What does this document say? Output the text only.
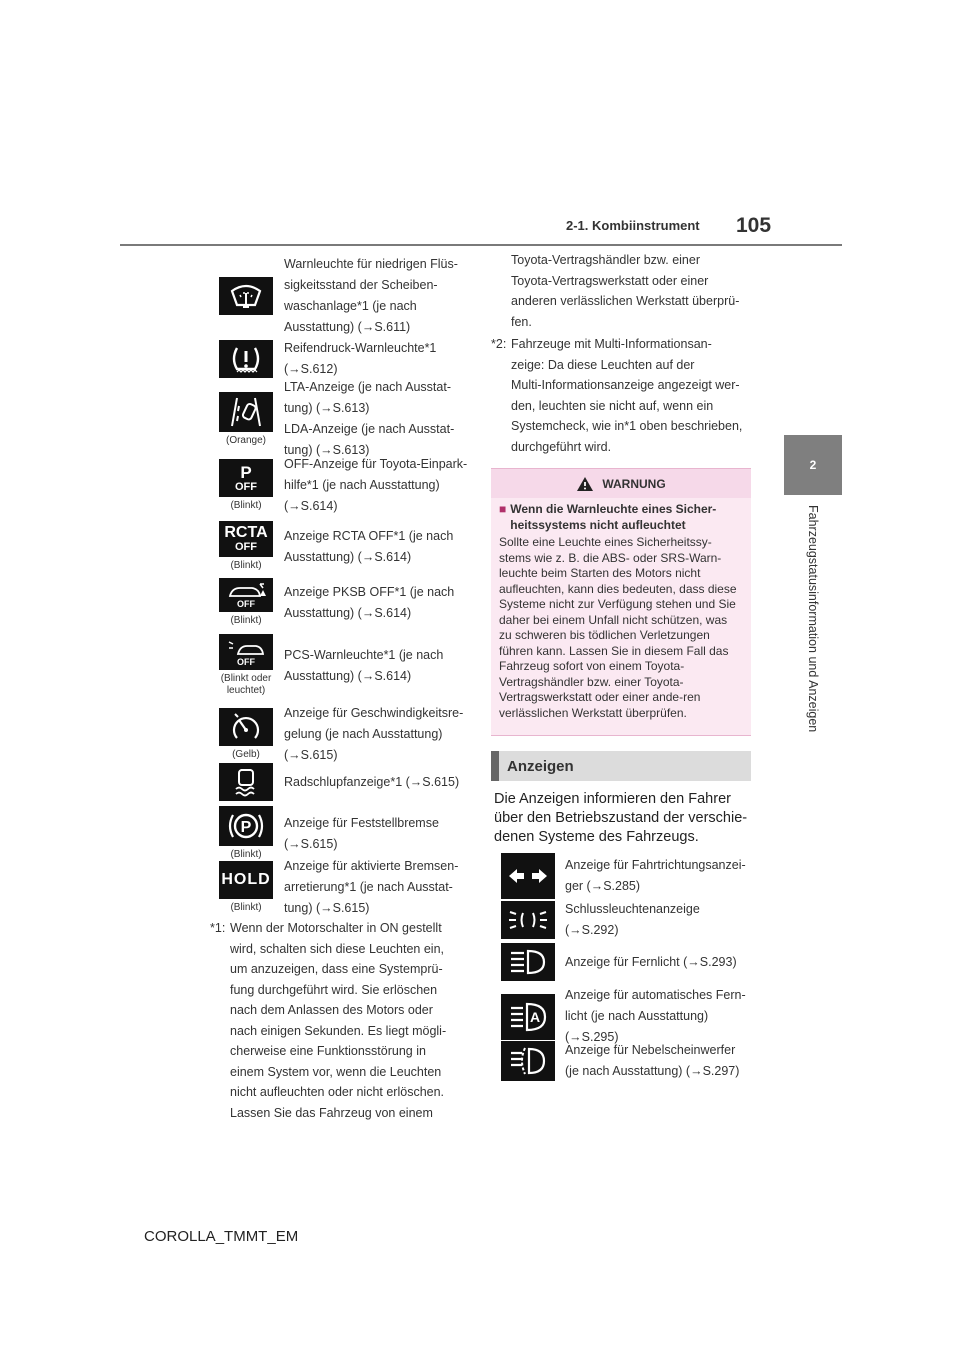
2-1. Kombiinstrument 105
2
Fahrzeugstatusinformation und Anzeigen
Warnleuchte für niedrigen Flüs-
sigkeitsstand der Scheiben-
waschanlage*1 (je nach
Ausstattung) (→S.611)
Reifendruck-Warnleuchte*1
(→S.612)
(Orange)
LTA-Anzeige (je nach Ausstat-
tung) (→S.613)
LDA-Anzeige (je nach Ausstat-
tung) (→S.613)
P
OFF
(Blinkt)
OFF-Anzeige für Toyota-Einpark-
hilfe*1 (je nach Ausstattung)
(→S.614)
RCTA
OFF
(Blinkt)
Anzeige RCTA OFF*1 (je nach
Ausstattung) (→S.614)
OFF
(Blinkt)
Anzeige PKSB OFF*1 (je nach
Ausstattung) (→S.614)
OFF
(Blinkt oder leuchtet)
PCS-Warnleuchte*1 (je nach
Ausstattung) (→S.614)
(Gelb)
Anzeige für Geschwindigkeitsre-
gelung (je nach Ausstattung)
(→S.615)
Radschlupfanzeige*1 (→S.615)
P
(Blinkt)
Anzeige für Feststellbremse
(→S.615)
HOLD
(Blinkt)
Anzeige für aktivierte Bremsen-
arretierung*1 (je nach Ausstat-
tung) (→S.615)
*1: Wenn der Motorschalter in ON gestellt
wird, schalten sich diese Leuchten ein,
um anzuzeigen, dass eine Systemprü-
fung durchgeführt wird. Sie erlöschen
nach dem Anlassen des Motors oder
nach einigen Sekunden. Es liegt mögli-
cherweise eine Funktionsstörung in
einem System vor, wenn die Leuchten
nicht aufleuchten oder nicht erlöschen.
Lassen Sie das Fahrzeug von einem
Toyota-Vertragshändler bzw. einer
Toyota-Vertragswerkstatt oder einer
anderen verlässlichen Werkstatt überprü-
fen.
*2: Fahrzeuge mit Multi-Informationsan-
zeige: Da diese Leuchten auf der
Multi-Informationsanzeige angezeigt wer-
den, leuchten sie nicht auf, wenn ein
Systemcheck, wie in*1 oben beschrieben,
durchgeführt wird.
WARNUNG
■ Wenn die Warnleuchte eines Sicher-heitssystems nicht aufleuchtet
Sollte eine Leuchte eines Sicherheitssy-stems wie z. B. die ABS- oder SRS-Warn-leuchte beim Starten des Motors nicht aufleuchten, kann dies bedeuten, dass diese Systeme nicht zur Verfügung stehen und Sie daher bei einem Unfall nicht schützen, was zu schweren bis tödlichen Verletzungen führen kann. Lassen Sie in diesem Fall das Fahrzeug sofort von einem Toyota-Vertragshändler bzw. einer Toyota-Vertragswerkstatt oder einer ande-ren verlässlichen Werkstatt überprüfen.
Anzeigen
Die Anzeigen informieren den Fahrer
über den Betriebszustand der verschie-
denen Systeme des Fahrzeugs.
Anzeige für Fahrtrichtungsanzei-
ger (→S.285)
Schlussleuchtenanzeige
(→S.292)
Anzeige für Fernlicht (→S.293)
A
Anzeige für automatisches Fern-
licht (je nach Ausstattung)
(→S.295)
Anzeige für Nebelscheinwerfer
(je nach Ausstattung) (→S.297)
COROLLA_TMMT_EM
